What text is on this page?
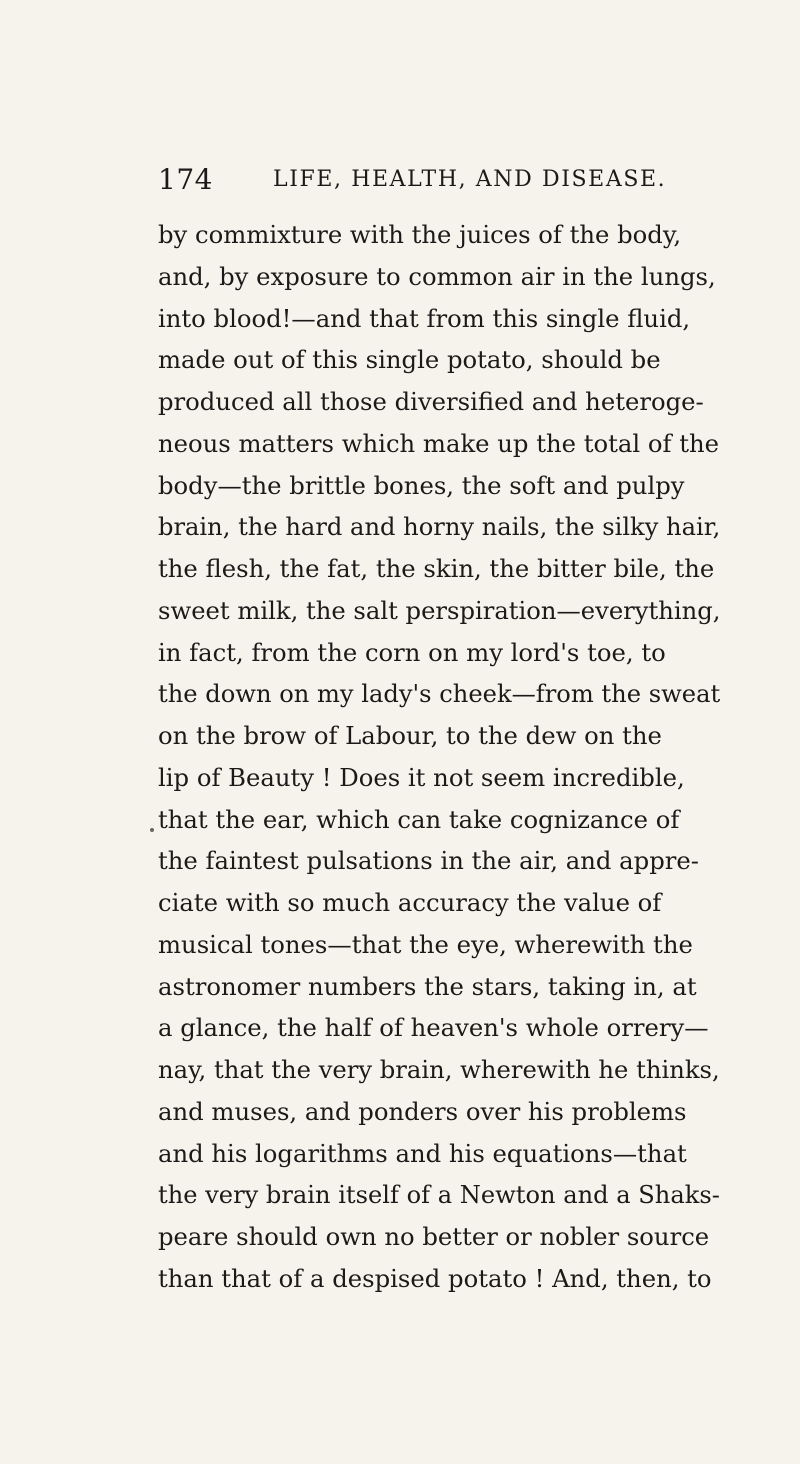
174	LIFE, HEALTH, AND DISEASE.
by commixture with the juices of the body,
and, by exposure to common air in the lungs,
into blood!—and that from this single fluid,
made out of this single potato, should be
produced all those diversified and heteroge-
neous matters which make up the total of the
body—the brittle bones, the soft and pulpy
brain, the hard and horny nails, the silky hair,
the flesh, the fat, the skin, the bitter bile, the
sweet milk, the salt perspiration—everything,
in fact, from the corn on my lord's toe, to
the down on my lady's cheek—from the sweat
on the brow of Labour, to the dew on the
lip of Beauty ! Does it not seem incredible,
that the ear, which can take cognizance of
the faintest pulsations in the air, and appre-
ciate with so much accuracy the value of
musical tones—that the eye, wherewith the
astronomer numbers the stars, taking in, at
a glance, the half of heaven's whole orrery—
nay, that the very brain, wherewith he thinks,
and muses, and ponders over his problems
and his logarithms and his equations—that
the very brain itself of a Newton and a Shaks-
peare should own no better or nobler source
than that of a despised potato ! And, then, to
